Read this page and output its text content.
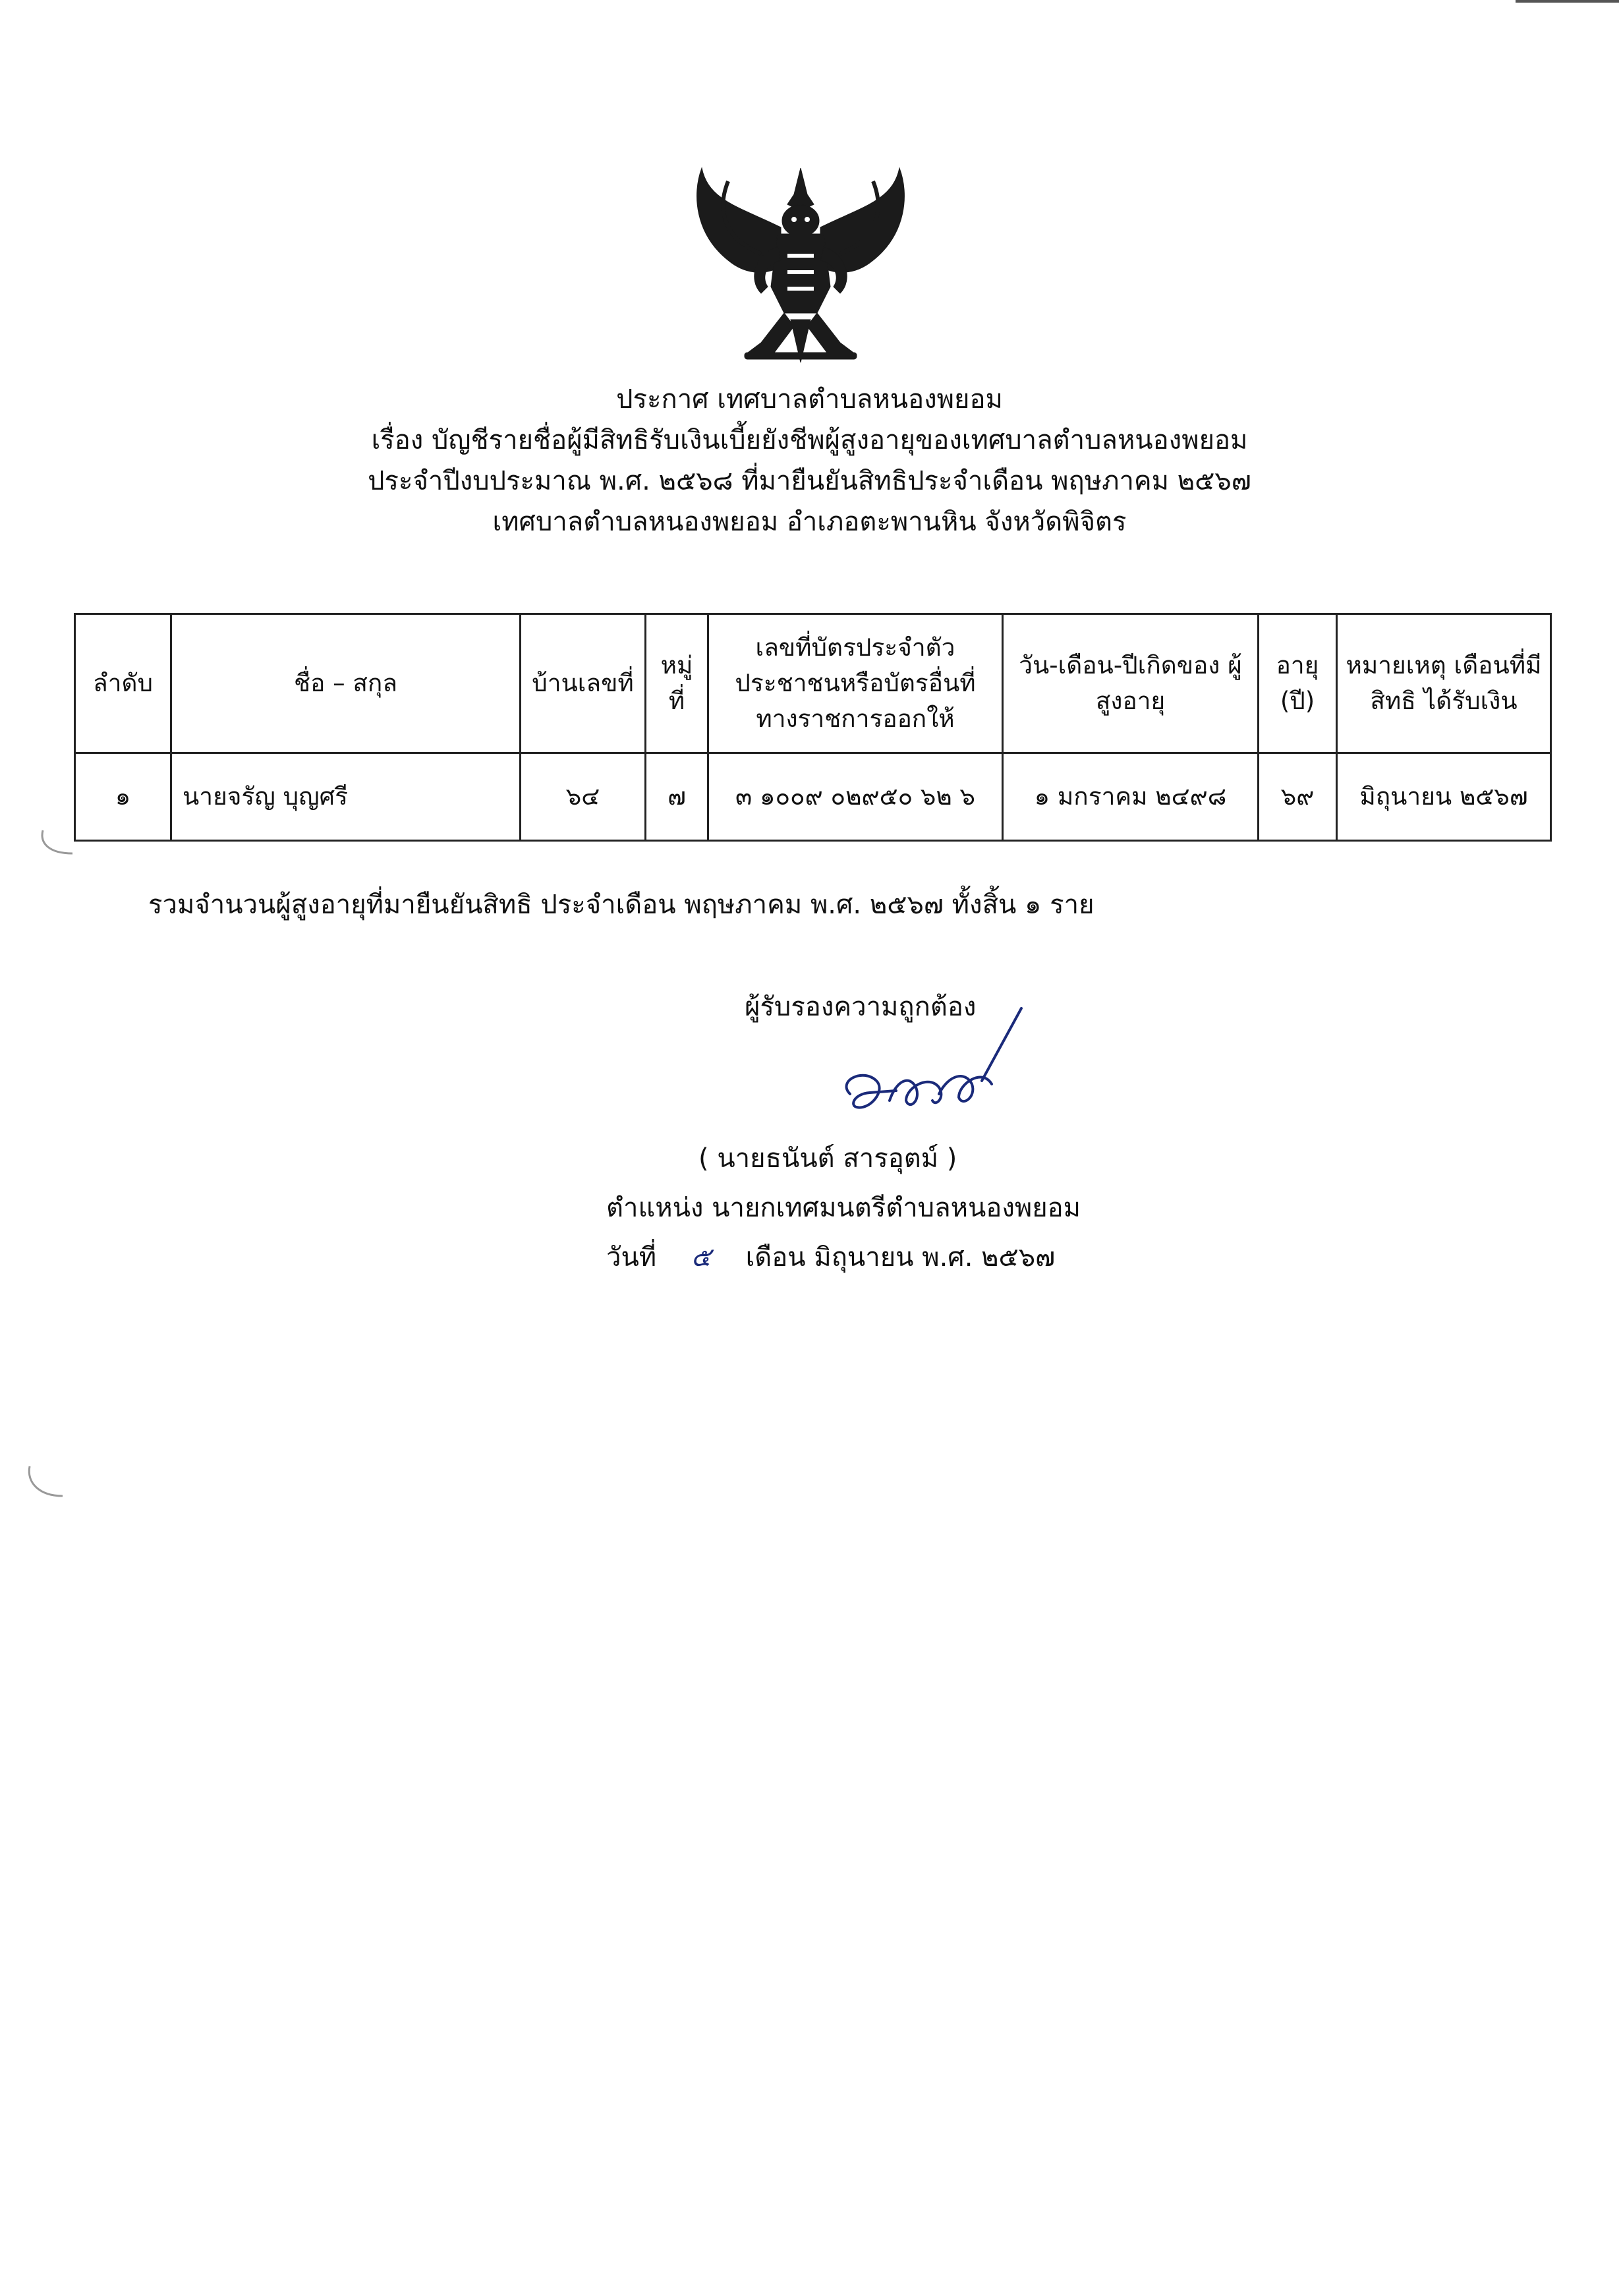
ประกาศ เทศบาลตำบลหนองพยอม
เรื่อง บัญชีรายชื่อผู้มีสิทธิรับเงินเบี้ยยังชีพผู้สูงอายุของเทศบาลตำบลหนองพยอม
ประจำปีงบประมาณ พ.ศ. ๒๕๖๘ ที่มายืนยันสิทธิประจำเดือน พฤษภาคม ๒๕๖๗
เทศบาลตำบลหนองพยอม อำเภอตะพานหิน จังหวัดพิจิตร
ลำดับ	ชื่อ – สกุล	บ้านเลขที่	หมู่ ที่	เลขที่บัตรประจำตัว ประชาชนหรือบัตรอื่นที่ ทางราชการออกให้	วัน-เดือน-ปีเกิดของ ผู้สูงอายุ	อายุ (ปี)	หมายเหตุ เดือนที่มีสิทธิ ได้รับเงิน
๑	นายจรัญ บุญศรี	๖๔	๗	๓ ๑๐๐๙ ๐๒๙๕๐ ๖๒ ๖	๑ มกราคม ๒๔๙๘	๖๙	มิถุนายน ๒๕๖๗
รวมจำนวนผู้สูงอายุที่มายืนยันสิทธิ ประจำเดือน พฤษภาคม พ.ศ. ๒๕๖๗ ทั้งสิ้น ๑ ราย
ผู้รับรองความถูกต้อง
( นายธนันต์ สารอุตม์ )
ตำแหน่ง นายกเทศมนตรีตำบลหนองพยอม
วันที่ ๕ เดือน มิถุนายน พ.ศ. ๒๕๖๗
